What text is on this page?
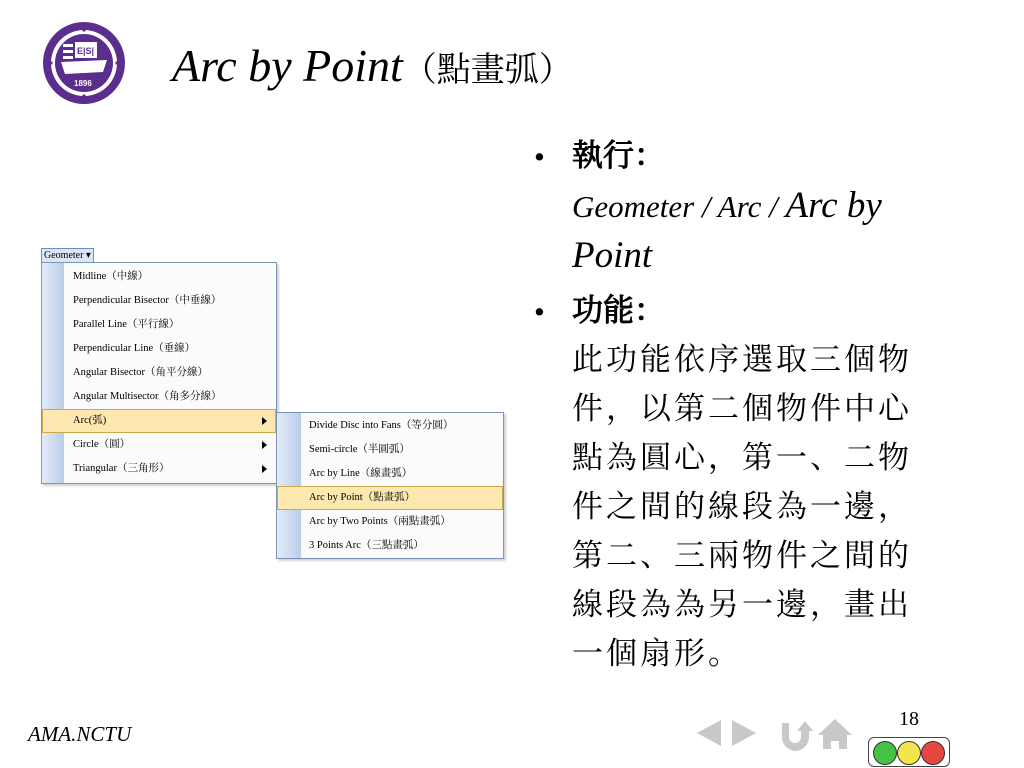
E|S|
1896 Arc by Point（點畫弧）
Geometer ▾
Midline（中線）
Perpendicular Bisector（中垂線）
Parallel Line（平行線）
Perpendicular Line（垂線）
Angular Bisector（角平分線）
Angular Multisector（角多分線）
Arc(弧)
Circle（圓）
Triangular（三角形）
Divide Disc into Fans（等分圓）
Semi-circle（半圓弧）
Arc by Line（線畫弧）
Arc by Point（點畫弧）
Arc by Two Points（兩點畫弧）
3 Points Arc（三點畫弧）
• 執行：
Geometer / Arc / Arc by
Point
• 功能：
此功能依序選取三個物
件，以第二個物件中心
點為圓心，第一、二物
件之間的線段為一邊，
第二、三兩物件之間的
線段為為另一邊，畫出
一個扇形。
AMA.NCTU
18
